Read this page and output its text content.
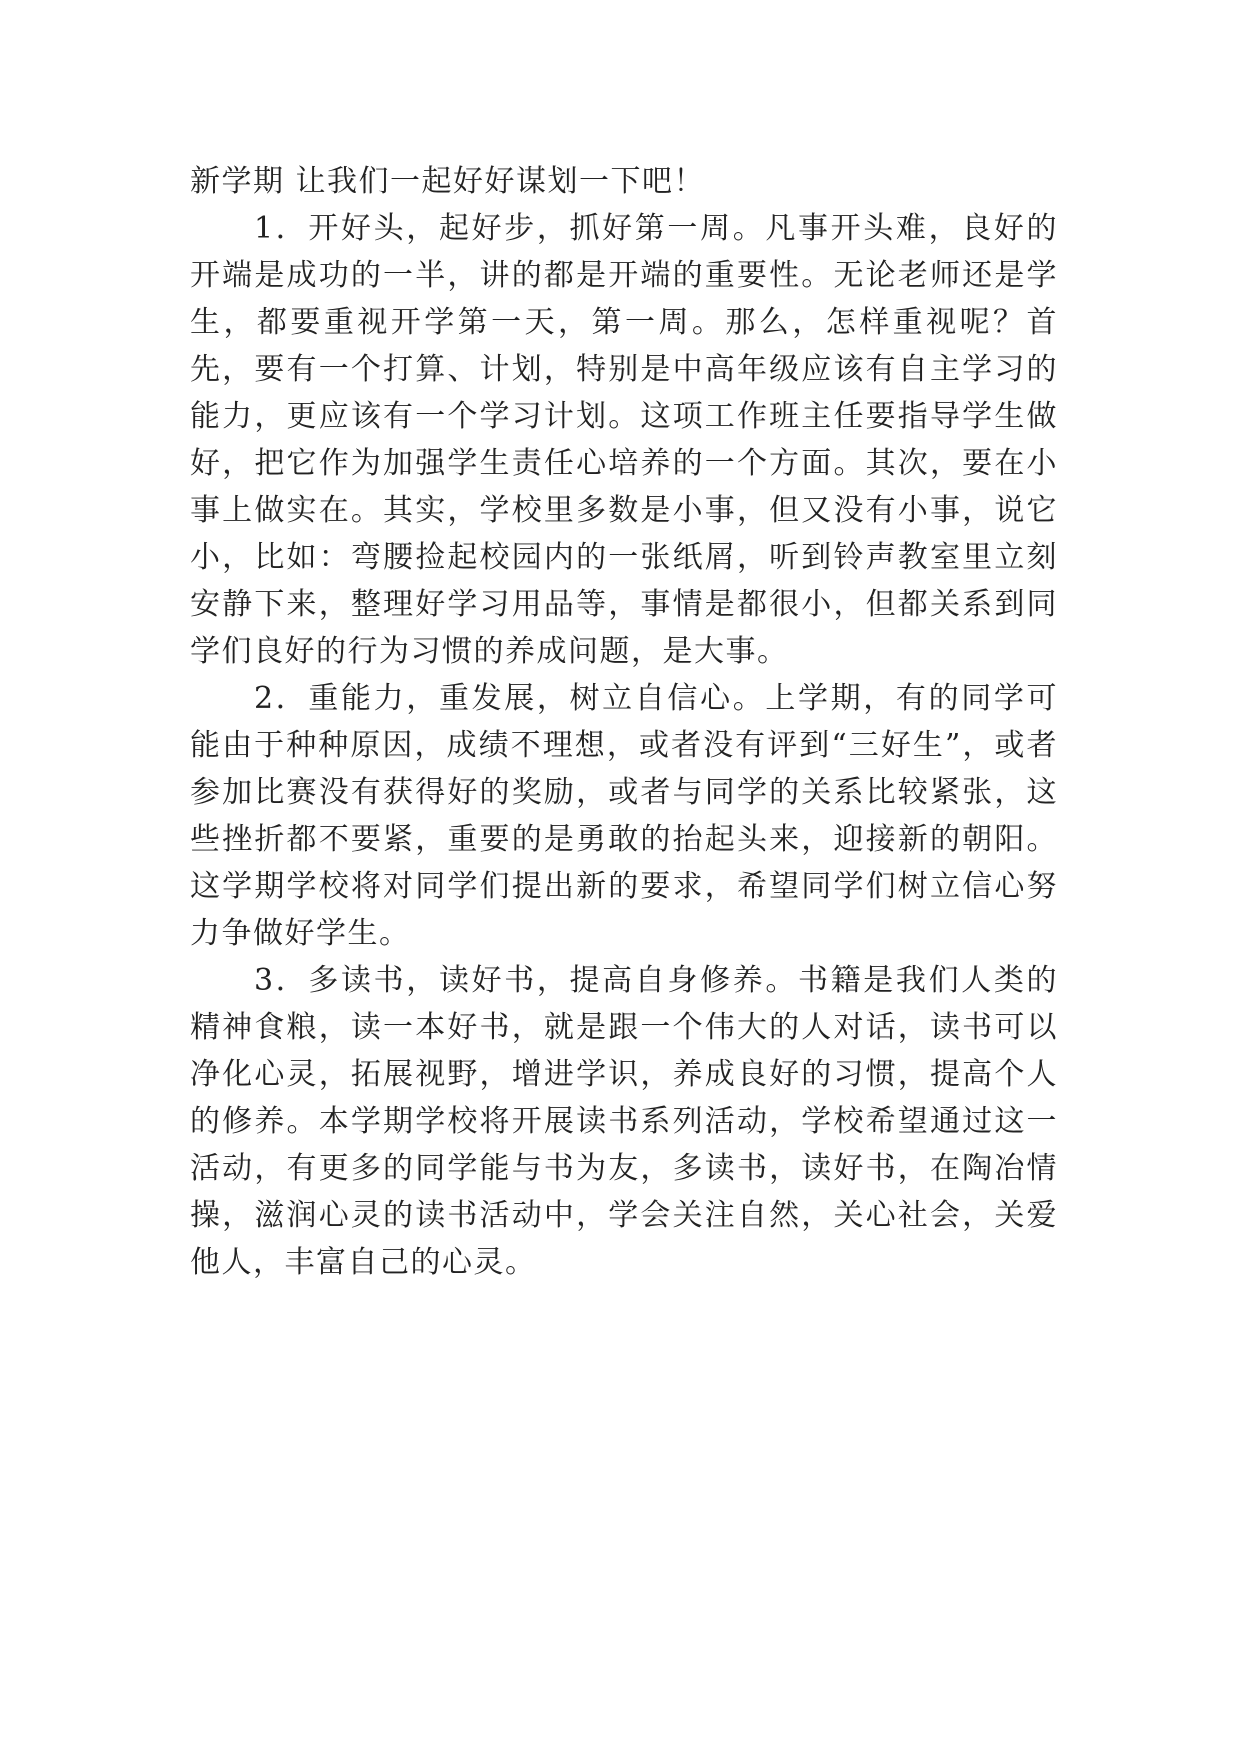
新学期 让我们一起好好谋划一下吧！

1．开好头，起好步，抓好第一周。凡事开头难，良好的开端是成功的一半，讲的都是开端的重要性。无论老师还是学生，都要重视开学第一天，第一周。那么，怎样重视呢？首先，要有一个打算、计划，特别是中高年级应该有自主学习的能力，更应该有一个学习计划。这项工作班主任要指导学生做好，把它作为加强学生责任心培养的一个方面。其次，要在小事上做实在。其实，学校里多数是小事，但又没有小事，说它小，比如：弯腰捡起校园内的一张纸屑，听到铃声教室里立刻安静下来，整理好学习用品等，事情是都很小，但都关系到同学们良好的行为习惯的养成问题，是大事。

2．重能力，重发展，树立自信心。上学期，有的同学可能由于种种原因，成绩不理想，或者没有评到“三好生”，或者参加比赛没有获得好的奖励，或者与同学的关系比较紧张，这些挫折都不要紧，重要的是勇敢的抬起头来，迎接新的朝阳。这学期学校将对同学们提出新的要求，希望同学们树立信心努力争做好学生。

3．多读书，读好书，提高自身修养。书籍是我们人类的精神食粮，读一本好书，就是跟一个伟大的人对话，读书可以净化心灵，拓展视野，增进学识，养成良好的习惯，提高个人的修养。本学期学校将开展读书系列活动，学校希望通过这一活动，有更多的同学能与书为友，多读书，读好书，在陶冶情操，滋润心灵的读书活动中，学会关注自然，关心社会，关爱他人，丰富自己的心灵。
